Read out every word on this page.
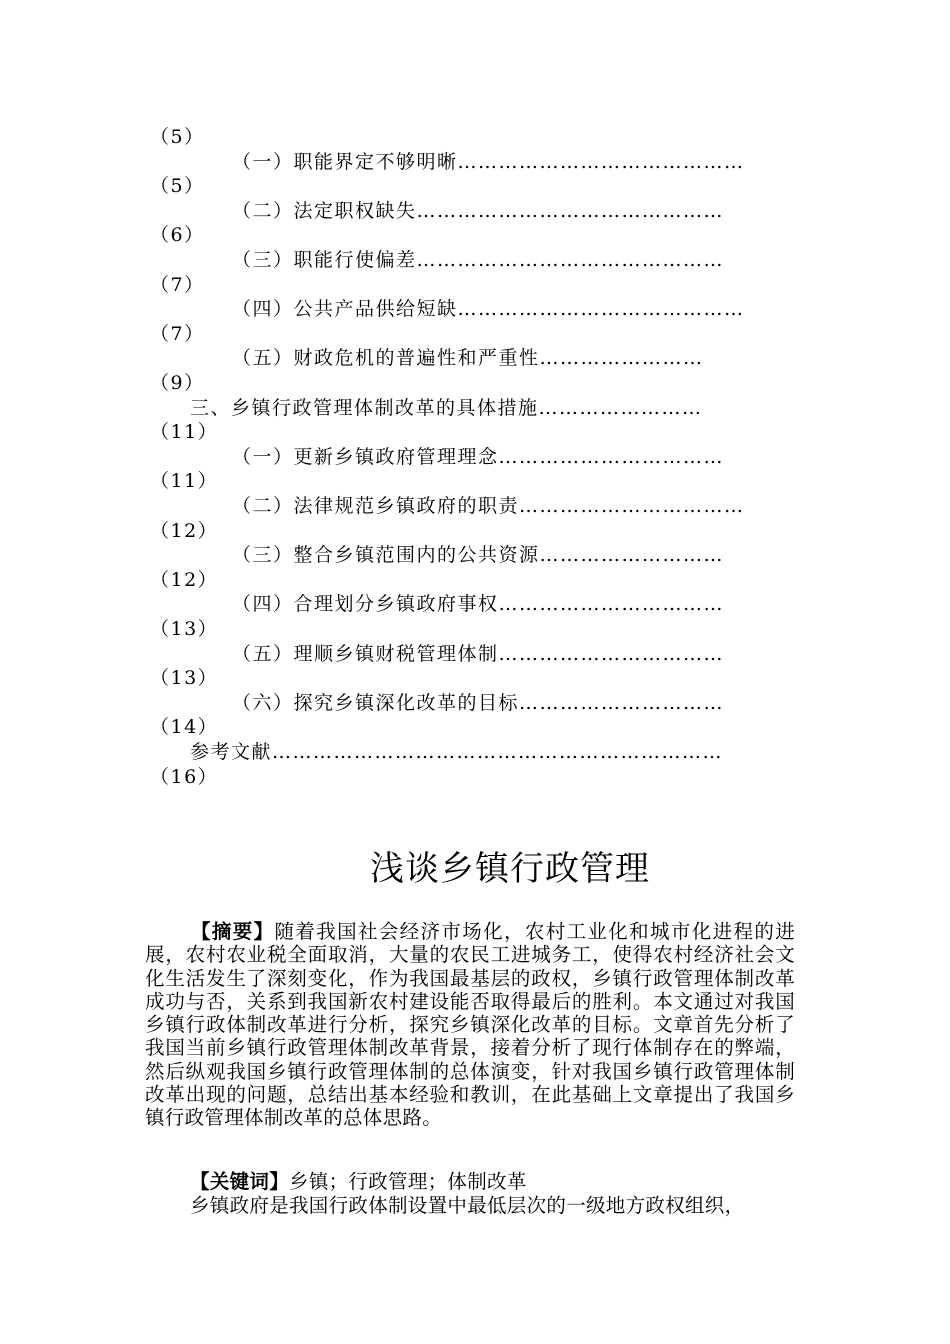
（5）
（一）职能界定不够明晰……………………………………
（5）
（二）法定职权缺失………………………………………
（6）
（三）职能行使偏差………………………………………
（7）
（四）公共产品供给短缺……………………………………
（7）
（五）财政危机的普遍性和严重性……………………
（9）
三、乡镇行政管理体制改革的具体措施……………………
（11）
（一）更新乡镇政府管理理念……………………………
（11）
（二）法律规范乡镇政府的职责……………………………
（12）
（三）整合乡镇范围内的公共资源………………………
（12）
（四）合理划分乡镇政府事权……………………………
（13）
（五）理顺乡镇财税管理体制……………………………
（13）
（六）探究乡镇深化改革的目标…………………………
（14）
参考文献…………………………………………………………
（16）
浅谈乡镇行政管理
【摘要】随着我国社会经济市场化，农村工业化和城市化进程的进展，农村农业税全面取消，大量的农民工进城务工，使得农村经济社会文化生活发生了深刻变化，作为我国最基层的政权，乡镇行政管理体制改革成功与否，关系到我国新农村建设能否取得最后的胜利。本文通过对我国乡镇行政体制改革进行分析，探究乡镇深化改革的目标。文章首先分析了我国当前乡镇行政管理体制改革背景，接着分析了现行体制存在的弊端，然后纵观我国乡镇行政管理体制的总体演变，针对我国乡镇行政管理体制改革出现的问题，总结出基本经验和教训，在此基础上文章提出了我国乡镇行政管理体制改革的总体思路。
【关键词】乡镇；行政管理；体制改革
乡镇政府是我国行政体制设置中最低层次的一级地方政权组织，
